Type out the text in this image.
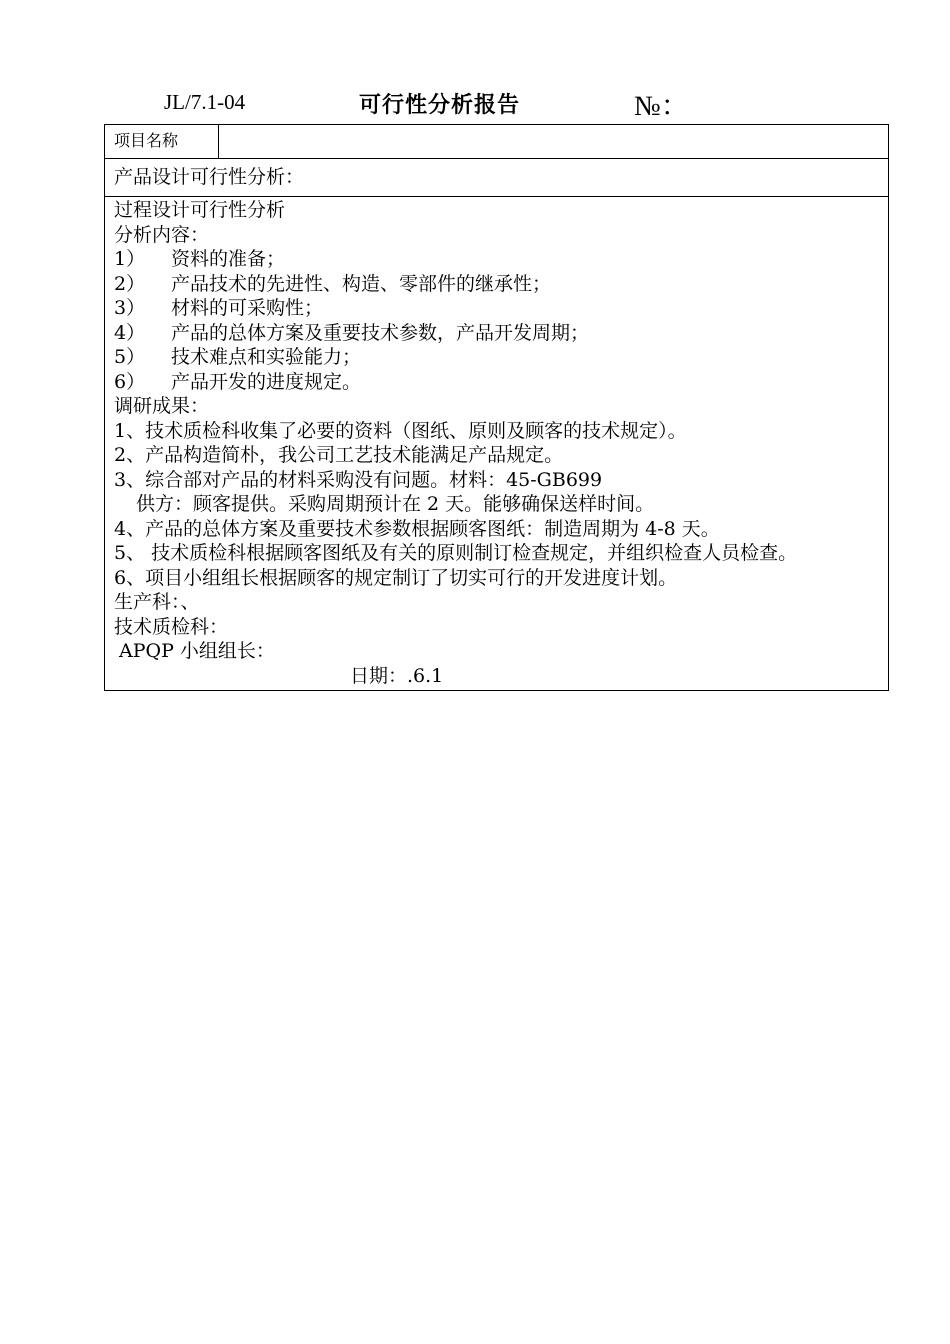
JL/7.1-04	可行性分析报告	№：
项目名称	
产品设计可行性分析：

过程设计可行性分析
分析内容：
1） 资料的准备；
2） 产品技术的先进性、构造、零部件的继承性；
3） 材料的可采购性；
4） 产品的总体方案及重要技术参数，产品开发周期；
5） 技术难点和实验能力；
6） 产品开发的进度规定。
调研成果：
1、技术质检科收集了必要的资料（图纸、原则及顾客的技术规定）。
2、产品构造简朴，我公司工艺技术能满足产品规定。
3、综合部对产品的材料采购没有问题。材料：45-GB699
供方：顾客提供。采购周期预计在 2 天。能够确保送样时间。
4、产品的总体方案及重要技术参数根据顾客图纸：制造周期为 4-8 天。
5、 技术质检科根据顾客图纸及有关的原则制订检查规定，并组织检查人员检查。
6、项目小组组长根据顾客的规定制订了切实可行的开发进度计划。
生产科：、
技术质检科：
APQP 小组组长：
日期：.6.1
